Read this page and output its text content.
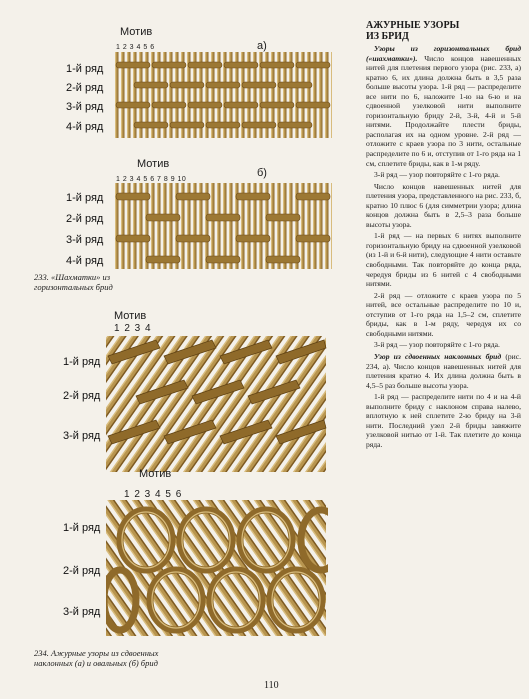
Мотив
1 2 3 4 5 6	а)
1-й ряд
2-й ряд
3-й ряд
4-й ряд
Мотив
1 2 3 4 5 6 7 8 9 10
б)
1-й ряд
2-й ряд
3-й ряд
4-й ряд
233. «Шахматки» из
горизонтальных брид
Мотив
1 2 3 4
1-й ряд
2-й ряд
3-й ряд
Мотив
1 2 3 4 5 6
1-й ряд
2-й ряд
3-й ряд
234. Ажурные узоры из сдвоенных
наклонных (а) и овальных (б) брид
АЖУРНЫЕ УЗОРЫ
ИЗ БРИД

Узоры из горизонтальных брид («шахматки»). Число концов навешенных нитей для плетения первого узора (рис. 233, а) кратно 6, их длина должна быть в 3,5 раза больше высоты узора. 1-й ряд — распределите все нити по 6, наложите 1-ю на 6-ю и на сдвоенной узелковой нити выполните горизонтальную бриду 2-й, 3-й, 4-й и 5-й нитями. Продолжайте плести бриды, располагая их на одном уровне. 2-й ряд — отложите с краев узора по 3 нити, остальные распределите по 6 и, отступив от 1-го ряда на 1 см, сплетите бриды, как в 1-м ряду.

3-й ряд — узор повторяйте с 1-го ряда.

Число концов навешенных нитей для плетения узора, представленного на рис. 233, б, кратно 10 плюс 6 (для симметрии узора; длина концов должна быть в 2,5–3 раза больше высоты узора.

1-й ряд — на первых 6 нитях выполните горизонтальную бриду на сдвоенной узелковой (из 1-й и 6-й нити), следующие 4 нити оставьте свободными. Так повторяйте до конца ряда, чередуя бриды из 6 нитей с 4 свободными нитями.

2-й ряд — отложите с краев узора по 5 нитей, все остальные распределите по 10 и, отступив от 1-го ряда на 1,5–2 см, сплетите бриды, как в 1-м ряду, чередуя их со свободными нитями.

3-й ряд — узор повторяйте с 1-го ряда.

Узор из сдвоенных наклонных брид (рис. 234, а). Число концов навешенных нитей для плетения кратно 4. Их длина должна быть в 4,5–5 раз больше высоты узора.

1-й ряд — распределите нити по 4 и на 4-й выполните бриду с наклоном справа налево, вплотную к ней сплетите 2-ю бриду на 3-й нити. Последний узел 2-й бриды завяжите узелковой нитью от 1-й. Так плетите до конца ряда.

110
